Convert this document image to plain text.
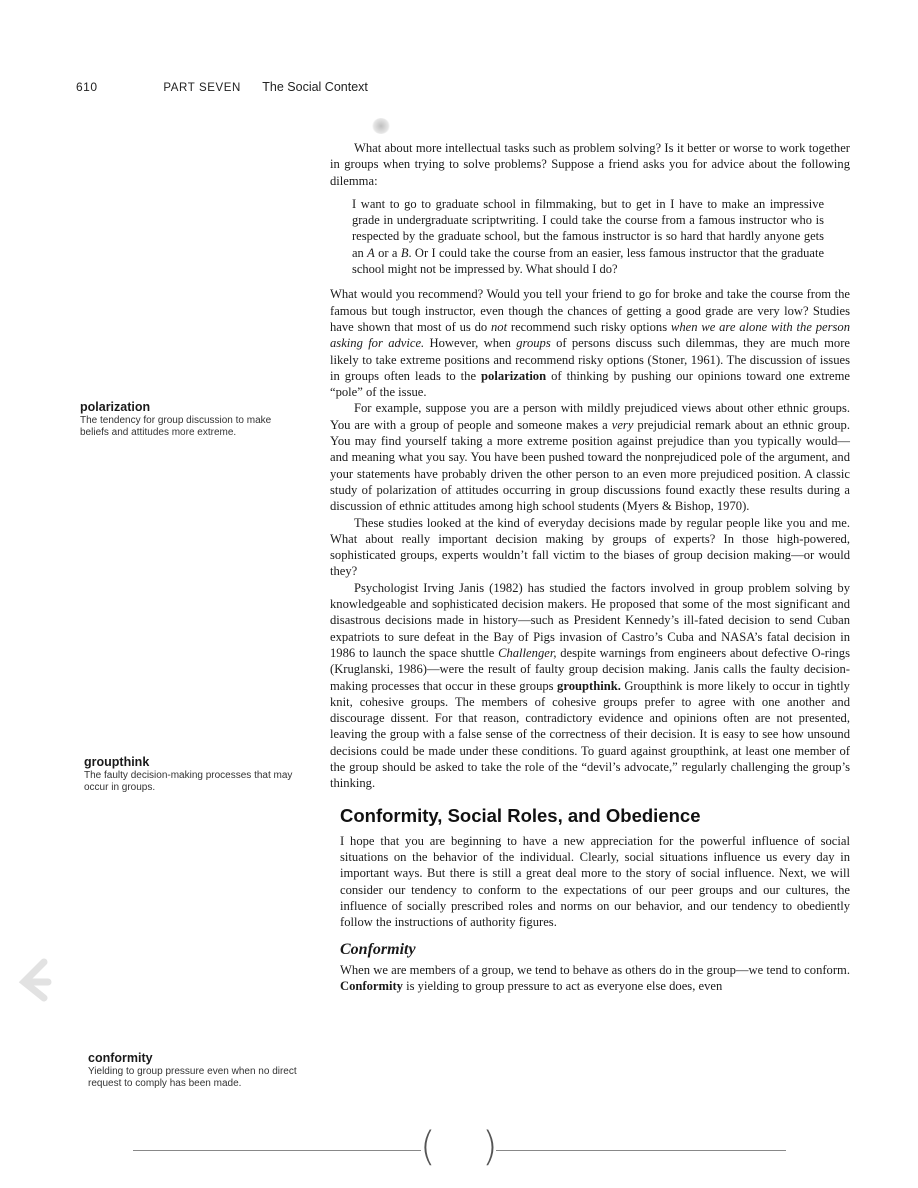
610	PART SEVEN The Social Context
polarization
The tendency for group discussion to make beliefs and attitudes more extreme.
groupthink
The faulty decision-making processes that may occur in groups.
conformity
Yielding to group pressure even when no direct request to comply has been made.

What about more intellectual tasks such as problem solving? Is it better or worse to work together in groups when trying to solve problems? Suppose a friend asks you for advice about the following dilemma:

I want to go to graduate school in filmmaking, but to get in I have to make an impressive grade in undergraduate scriptwriting. I could take the course from a famous instructor who is respected by the graduate school, but the famous instructor is so hard that hardly anyone gets an A or a B. Or I could take the course from an easier, less famous instructor that the graduate school might not be impressed by. What should I do?

What would you recommend? Would you tell your friend to go for broke and take the course from the famous but tough instructor, even though the chances of getting a good grade are very low? Studies have shown that most of us do not recommend such risky options when we are alone with the person asking for advice. However, when groups of persons discuss such dilemmas, they are much more likely to take extreme positions and recommend risky options (Stoner, 1961). The discussion of issues in groups often leads to the polarization of thinking by pushing our opinions toward one extreme “pole” of the issue.

For example, suppose you are a person with mildly prejudiced views about other ethnic groups. You are with a group of people and someone makes a very prejudicial remark about an ethnic group. You may find yourself taking a more extreme position against prejudice than you typically would—and meaning what you say. You have been pushed toward the nonprejudiced pole of the argument, and your statements have probably driven the other person to an even more prejudiced position. A classic study of polarization of attitudes occurring in group discussions found exactly these results during a discussion of ethnic attitudes among high school students (Myers & Bishop, 1970).

These studies looked at the kind of everyday decisions made by regular people like you and me. What about really important decision making by groups of experts? In those high-powered, sophisticated groups, experts wouldn’t fall victim to the biases of group decision making—or would they?

Psychologist Irving Janis (1982) has studied the factors involved in group problem solving by knowledgeable and sophisticated decision makers. He proposed that some of the most significant and disastrous decisions made in history—such as President Kennedy’s ill-fated decision to send Cuban expatriots to sure defeat in the Bay of Pigs invasion of Castro’s Cuba and NASA’s fatal decision in 1986 to launch the space shuttle Challenger, despite warnings from engineers about defective O-rings (Kruglanski, 1986)—were the result of faulty group decision making. Janis calls the faulty decision-making processes that occur in these groups groupthink. Groupthink is more likely to occur in tightly knit, cohesive groups. The members of cohesive groups prefer to agree with one another and discourage dissent. For that reason, contradictory evidence and opinions often are not presented, leaving the group with a false sense of the correctness of their decision. It is easy to see how unsound decisions could be made under these conditions. To guard against groupthink, at least one member of the group should be asked to take the role of the “devil’s advocate,” regularly challenging the group’s thinking.

Conformity, Social Roles, and Obedience

I hope that you are beginning to have a new appreciation for the powerful influence of social situations on the behavior of the individual. Clearly, social situations influence us every day in important ways. But there is still a great deal more to the story of social influence. Next, we will consider our tendency to conform to the expectations of our peer groups and our cultures, the influence of socially prescribed roles and norms on our behavior, and our tendency to obediently follow the instructions of authority figures.

Conformity

When we are members of a group, we tend to behave as others do in the group—we tend to conform. Conformity is yielding to group pressure to act as everyone else does, even

( )
